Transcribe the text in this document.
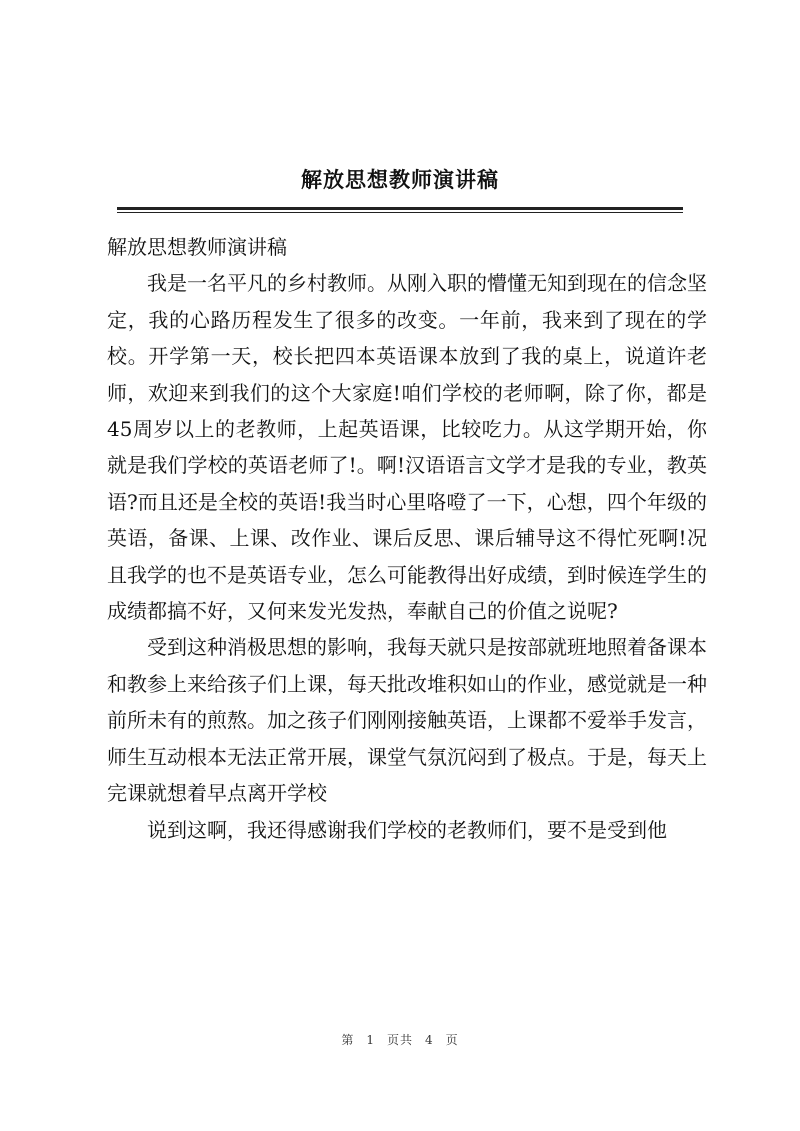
解放思想教师演讲稿

解放思想教师演讲稿

我是一名平凡的乡村教师。从刚入职的懵懂无知到现在的信念坚定，我的心路历程发生了很多的改变。一年前，我来到了现在的学校。开学第一天，校长把四本英语课本放到了我的桌上，说道许老师，欢迎来到我们的这个大家庭!咱们学校的老师啊，除了你，都是45周岁以上的老教师，上起英语课，比较吃力。从这学期开始，你就是我们学校的英语老师了!。啊!汉语语言文学才是我的专业，教英语?而且还是全校的英语!我当时心里咯噔了一下，心想，四个年级的英语，备课、上课、改作业、课后反思、课后辅导这不得忙死啊!况且我学的也不是英语专业，怎么可能教得出好成绩，到时候连学生的成绩都搞不好，又何来发光发热，奉献自己的价值之说呢?

受到这种消极思想的影响，我每天就只是按部就班地照着备课本和教参上来给孩子们上课，每天批改堆积如山的作业，感觉就是一种前所未有的煎熬。加之孩子们刚刚接触英语，上课都不爱举手发言，师生互动根本无法正常开展，课堂气氛沉闷到了极点。于是，每天上完课就想着早点离开学校

说到这啊，我还得感谢我们学校的老教师们，要不是受到他

第 1 页共 4 页
